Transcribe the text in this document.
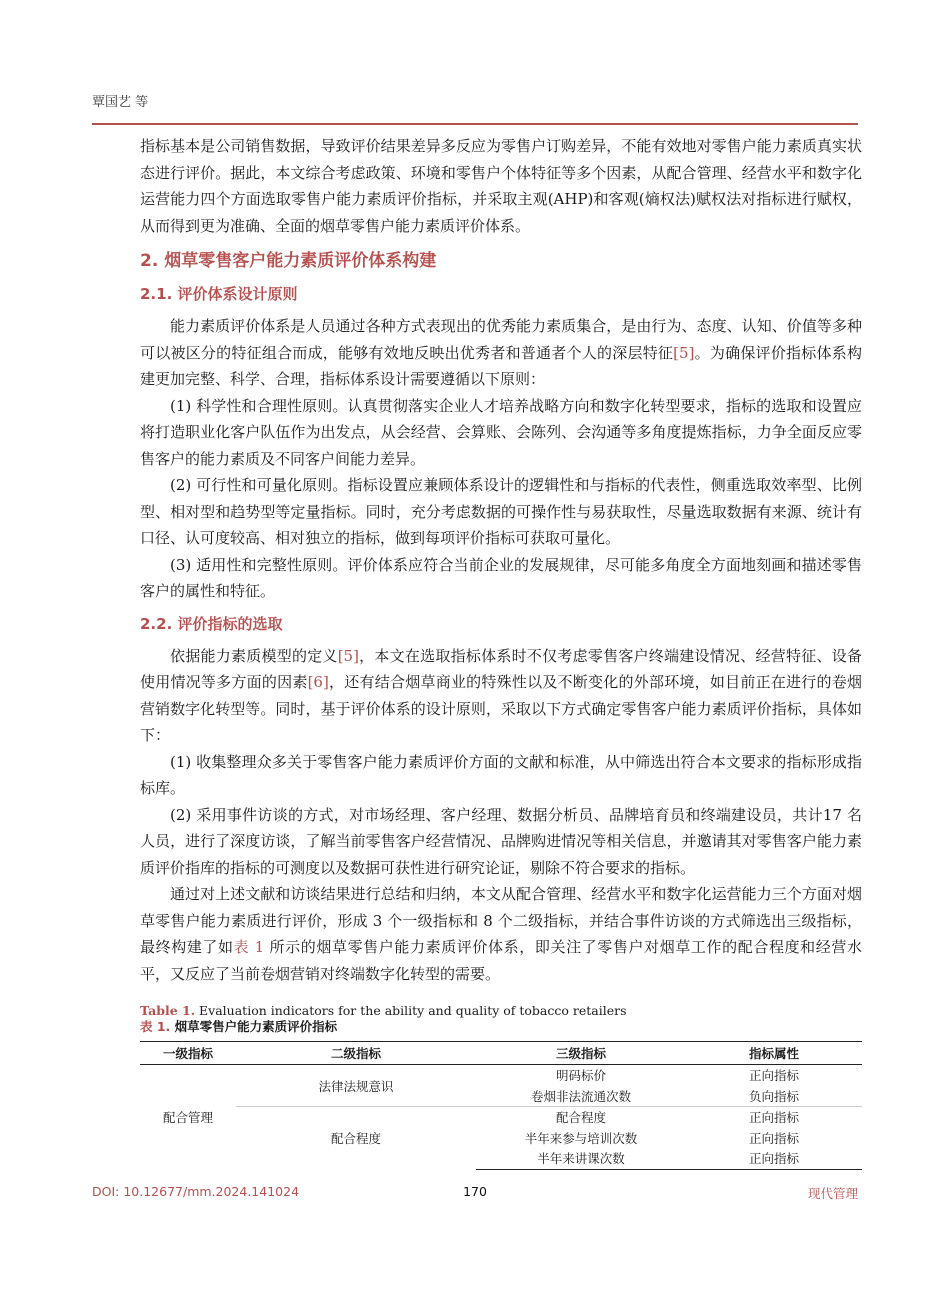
覃国艺 等

指标基本是公司销售数据，导致评价结果差异多反应为零售户订购差异，不能有效地对零售户能力素质真实状态进行评价。据此，本文综合考虑政策、环境和零售户个体特征等多个因素，从配合管理、经营水平和数字化运营能力四个方面选取零售户能力素质评价指标，并采取主观(AHP)和客观(熵权法)赋权法对指标进行赋权，从而得到更为准确、全面的烟草零售户能力素质评价体系。

2. 烟草零售客户能力素质评价体系构建
2.1. 评价体系设计原则

能力素质评价体系是人员通过各种方式表现出的优秀能力素质集合，是由行为、态度、认知、价值等多种可以被区分的特征组合而成，能够有效地反映出优秀者和普通者个人的深层特征[5]。为确保评价指标体系构建更加完整、科学、合理，指标体系设计需要遵循以下原则：

(1) 科学性和合理性原则。认真贯彻落实企业人才培养战略方向和数字化转型要求，指标的选取和设置应将打造职业化客户队伍作为出发点，从会经营、会算账、会陈列、会沟通等多角度提炼指标，力争全面反应零售客户的能力素质及不同客户间能力差异。

(2) 可行性和可量化原则。指标设置应兼顾体系设计的逻辑性和与指标的代表性，侧重选取效率型、比例型、相对型和趋势型等定量指标。同时，充分考虑数据的可操作性与易获取性，尽量选取数据有来源、统计有口径、认可度较高、相对独立的指标，做到每项评价指标可获取可量化。

(3) 适用性和完整性原则。评价体系应符合当前企业的发展规律，尽可能多角度全方面地刻画和描述零售客户的属性和特征。

2.2. 评价指标的选取

依据能力素质模型的定义[5]，本文在选取指标体系时不仅考虑零售客户终端建设情况、经营特征、设备使用情况等多方面的因素[6]，还有结合烟草商业的特殊性以及不断变化的外部环境，如目前正在进行的卷烟营销数字化转型等。同时，基于评价体系的设计原则，采取以下方式确定零售客户能力素质评价指标，具体如下：

(1) 收集整理众多关于零售客户能力素质评价方面的文献和标准，从中筛选出符合本文要求的指标形成指标库。

(2) 采用事件访谈的方式，对市场经理、客户经理、数据分析员、品牌培育员和终端建设员，共计17 名人员，进行了深度访谈，了解当前零售客户经营情况、品牌购进情况等相关信息，并邀请其对零售客户能力素质评价指库的指标的可测度以及数据可获性进行研究论证，剔除不符合要求的指标。

通过对上述文献和访谈结果进行总结和归纳，本文从配合管理、经营水平和数字化运营能力三个方面对烟草零售户能力素质进行评价，形成 3 个一级指标和 8 个二级指标，并结合事件访谈的方式筛选出三级指标，最终构建了如表 1 所示的烟草零售户能力素质评价体系，即关注了零售户对烟草工作的配合程度和经营水平，又反应了当前卷烟营销对终端数字化转型的需要。

Table 1. Evaluation indicators for the ability and quality of tobacco retailers
表 1. 烟草零售户能力素质评价指标
一级指标	二级指标	三级指标	指标属性
配合管理	法律法规意识	明码标价	正向指标
		卷烟非法流通次数	负向指标
	配合程度	配合程度	正向指标
		半年来参与培训次数	正向指标
		半年来讲课次数	正向指标
DOI: 10.12677/mm.2024.141024	170	现代管理
